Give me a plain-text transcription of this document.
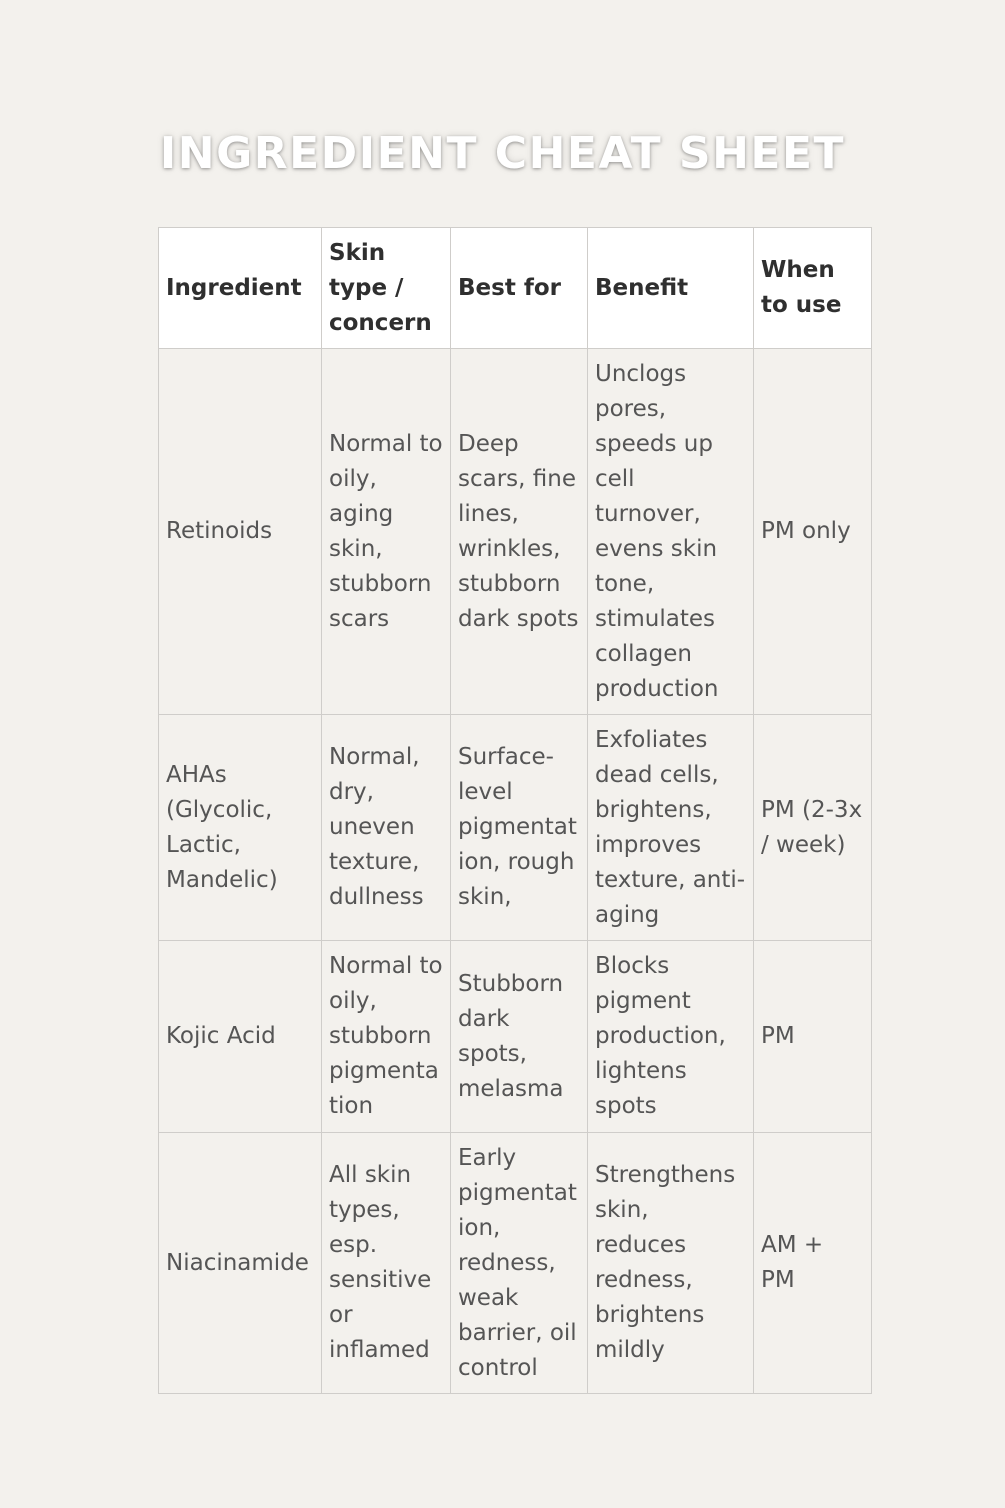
INGREDIENT CHEAT SHEET
Ingredient	Skin type / concern	Best for	Benefit	When to use
Retinoids	Normal to oily, aging skin, stubborn scars	Deep scars, fine lines, wrinkles, stubborn dark spots	Unclogs pores, speeds up cell turnover, evens skin tone, stimulates collagen production	PM only
AHAs (Glycolic, Lactic, Mandelic)	Normal, dry, uneven texture, dullness	Surface-level pigmentation, rough skin,	Exfoliates dead cells, brightens, improves texture, anti-aging	PM (2-3x / week)
Kojic Acid	Normal to oily, stubborn pigmentation	Stubborn dark spots, melasma	Blocks pigment production, lightens spots	PM
Niacinamide	All skin types, esp. sensitive or inflamed	Early pigmentation, redness, weak barrier, oil control	Strengthens skin, reduces redness, brightens mildly	AM + PM
